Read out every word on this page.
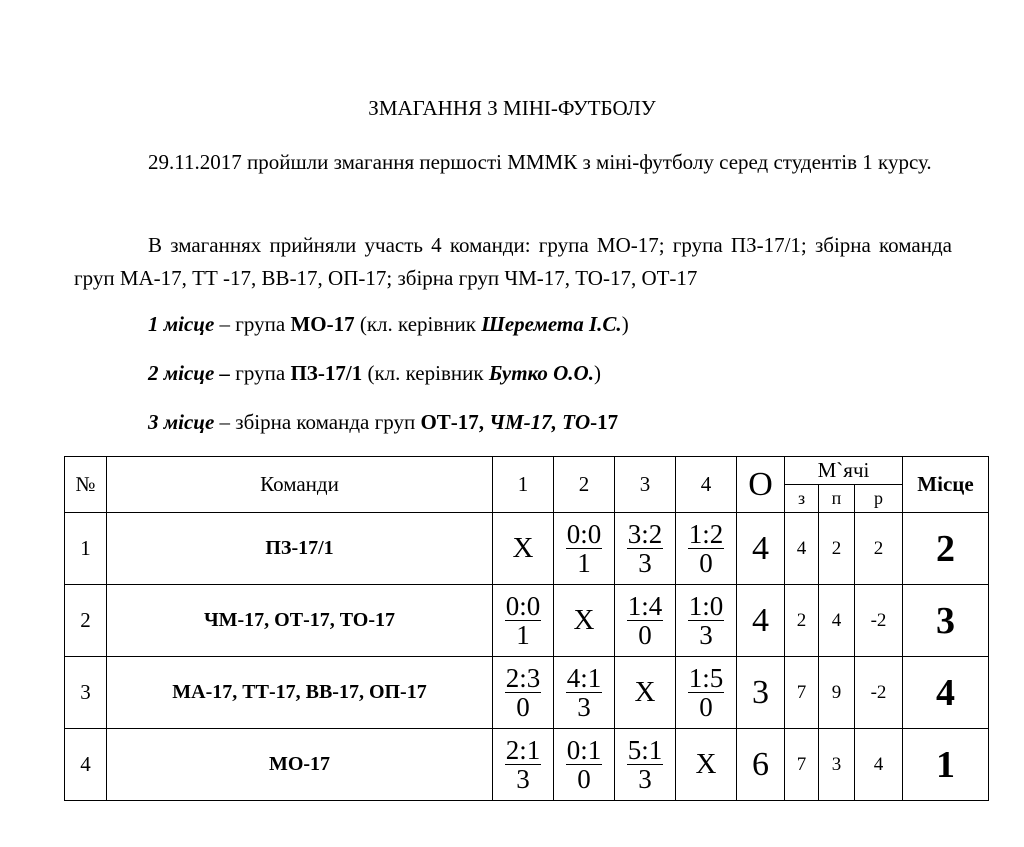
ЗМАГАННЯ З МІНІ-ФУТБОЛУ
29.11.2017 пройшли змагання першості МММК з міні-футболу серед студентів 1 курсу.
В змаганнях прийняли участь 4 команди: група МО-17; група ПЗ-17/1; збірна команда груп МА-17, ТТ -17, ВВ-17, ОП-17; збірна груп ЧМ-17, ТО-17, ОТ-17
1 місце – група МО-17 (кл. керівник Шеремета І.С.)
2 місце – група ПЗ-17/1 (кл. керівник Бутко О.О.)
3 місце – збірна команда груп ОТ-17, ЧМ-17, ТО-17
№	Команди	1	2	3	4	О	М`ячі			Місце
							з	п	р	
1	ПЗ-17/1	Х	$\frac{0:0}{1}$	$\frac{3:2}{3}$	$\frac{1:2}{0}$	4	4	2	2	2
2	ЧМ-17, ОТ-17, ТО-17	$\frac{0:0}{1}$	Х	$\frac{1:4}{0}$	$\frac{1:0}{3}$	4	2	4	-2	3
3	МА-17, ТТ-17, ВВ-17, ОП-17	$\frac{2:3}{0}$	$\frac{4:1}{3}$	Х	$\frac{1:5}{0}$	3	7	9	-2	4
4	МО-17	$\frac{2:1}{3}$	$\frac{0:1}{0}$	$\frac{5:1}{3}$	Х	6	7	3	4	1
